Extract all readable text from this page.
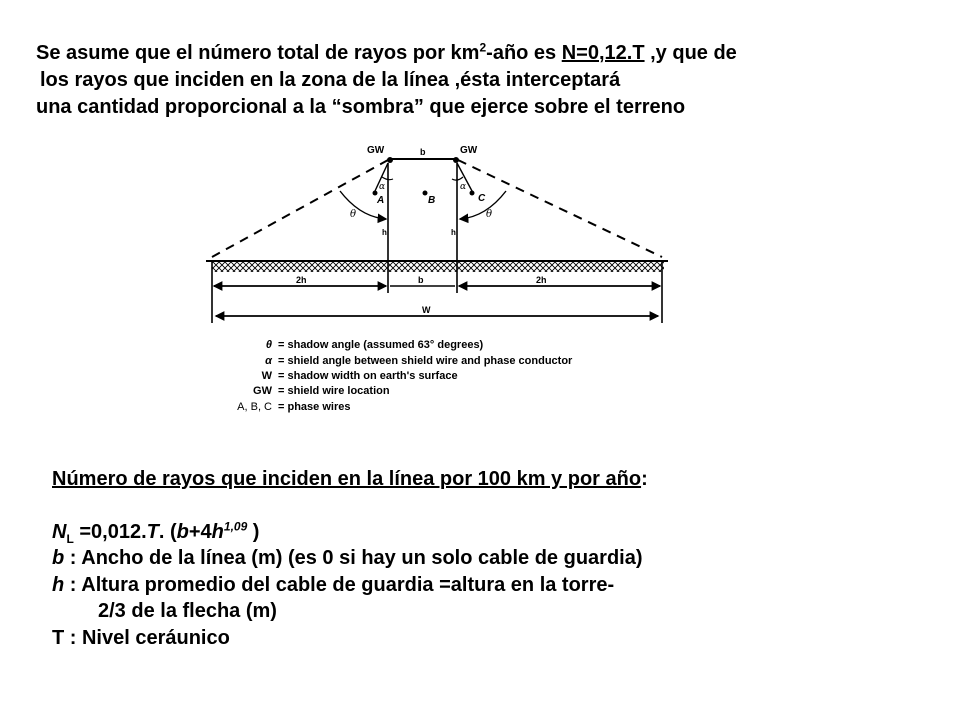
Se asume que el número total de rayos por $km^2$-año es N=0,12.T ,y que de
los rayos que inciden en la zona de la línea ,ésta interceptará
una cantidad proporcional a la “sombra” que ejerce sobre el terreno
GW	GW
b
A	B	C
α	α
θ	θ
h	h
2h	b	2h
W
θ = shadow angle (assumed 63° degrees)
α = shield angle between shield wire and phase conductor
W = shadow width on earth's surface
GW = shield wire location
A, B, C = phase wires
Número de rayos que inciden en la línea por 100 km y por año:
$N_L =0,012.T$. ($b+4h^{1,09}$ )
b : Ancho de la línea (m) (es 0 si hay un solo cable de guardia)
h : Altura promedio del cable de guardia =altura en la torre-
2/3 de la flecha (m)
T : Nivel ceráunico
